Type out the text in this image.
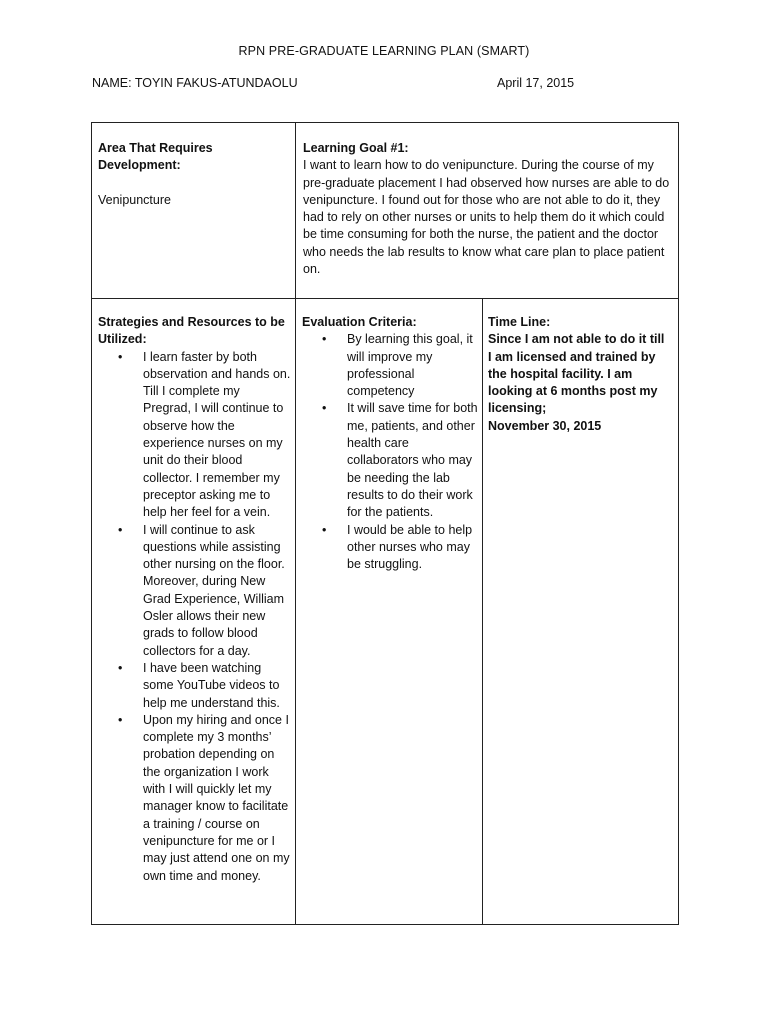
RPN PRE-GRADUATE LEARNING PLAN (SMART)
NAME: TOYIN FAKUS-ATUNDAOLU	April 17, 2015
Area That Requires Development:
Venipuncture
Learning Goal #1:
I want to learn how to do venipuncture. During the course of my pre-graduate placement I had observed how nurses are able to do venipuncture. I found out for those who are not able to do it, they had to rely on other nurses or units to help them do it which could be time consuming for both the nurse, the patient and the doctor who needs the lab results to know what care plan to place patient on.
Strategies and Resources to be Utilized:
• I learn faster by both observation and hands on. Till I complete my Pregrad, I will continue to observe how the experience nurses on my unit do their blood collector. I remember my preceptor asking me to help her feel for a vein.
• I will continue to ask questions while assisting other nursing on the floor. Moreover, during New Grad Experience, William Osler allows their new grads to follow blood collectors for a day.
• I have been watching some YouTube videos to help me understand this.
• Upon my hiring and once I complete my 3 months’ probation depending on the organization I work with I will quickly let my manager know to facilitate a training / course on venipuncture for me or I may just attend one on my own time and money.
Evaluation Criteria:
• By learning this goal, it will improve my professional competency
• It will save time for both me, patients, and other health care collaborators who may be needing the lab results to do their work for the patients.
• I would be able to help other nurses who may be struggling.
Time Line:
Since I am not able to do it till I am licensed and trained by the hospital facility. I am looking at 6 months post my licensing;
November 30, 2015
